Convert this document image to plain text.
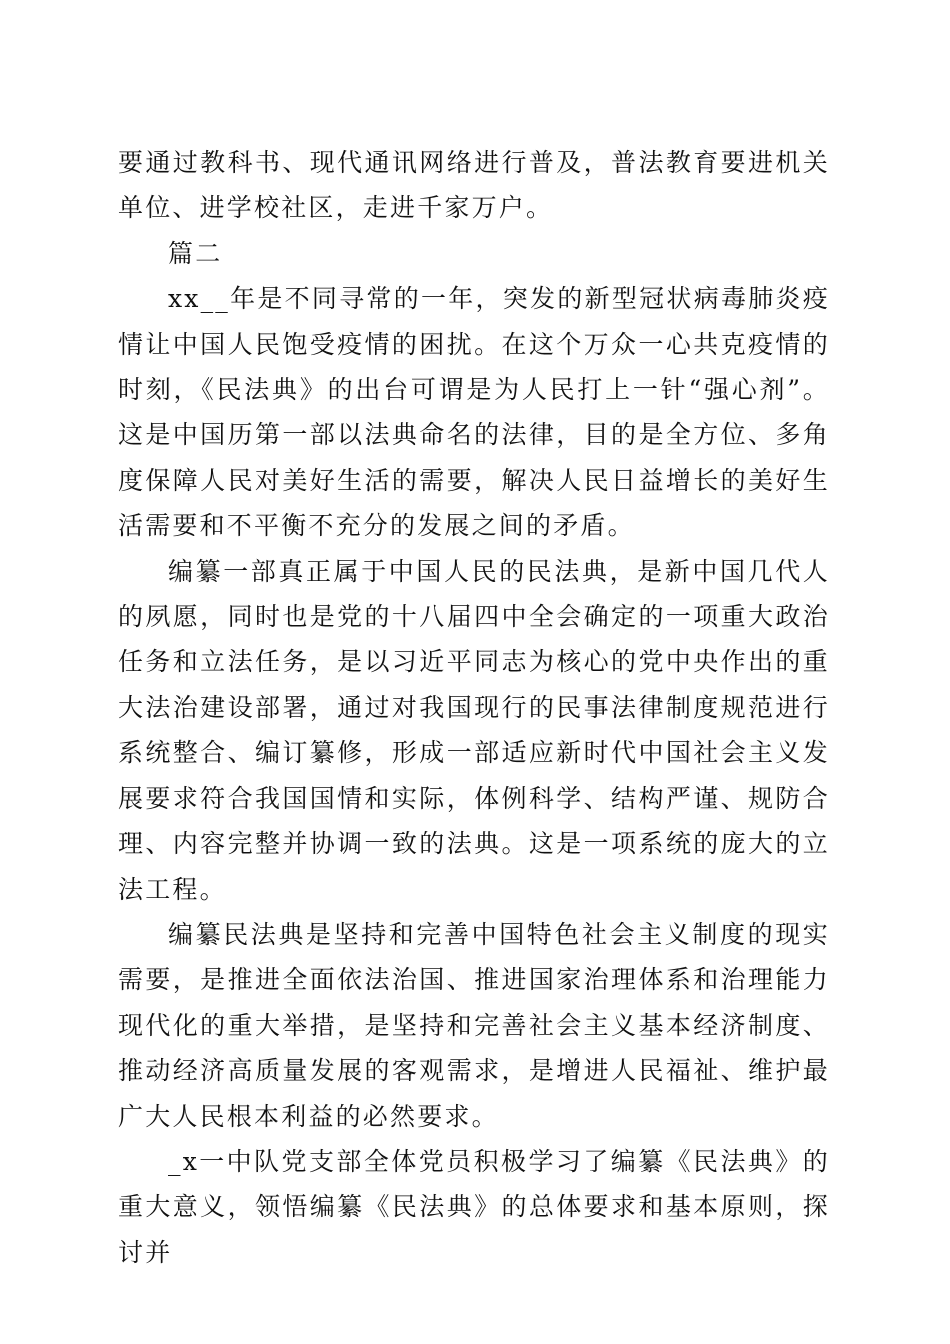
要通过教科书、现代通讯网络进行普及，普法教育要进机关单位、进学校社区，走进千家万户。

篇二

xx__年是不同寻常的一年，突发的新型冠状病毒肺炎疫情让中国人民饱受疫情的困扰。在这个万众一心共克疫情的时刻，《民法典》的出台可谓是为人民打上一针“强心剂”。这是中国历第一部以法典命名的法律，目的是全方位、多角度保障人民对美好生活的需要，解决人民日益增长的美好生活需要和不平衡不充分的发展之间的矛盾。

编纂一部真正属于中国人民的民法典，是新中国几代人的夙愿，同时也是党的十八届四中全会确定的一项重大政治任务和立法任务，是以习近平同志为核心的党中央作出的重大法治建设部署，通过对我国现行的民事法律制度规范进行系统整合、编订纂修，形成一部适应新时代中国社会主义发展要求符合我国国情和实际，体例科学、结构严谨、规防合理、内容完整并协调一致的法典。这是一项系统的庞大的立法工程。

编纂民法典是坚持和完善中国特色社会主义制度的现实需要，是推进全面依法治国、推进国家治理体系和治理能力现代化的重大举措，是坚持和完善社会主义基本经济制度、推动经济高质量发展的客观需求，是增进人民福祉、维护最广大人民根本利益的必然要求。

_x一中队党支部全体党员积极学习了编纂《民法典》的重大意义，领悟编纂《民法典》的总体要求和基本原则，探讨并
